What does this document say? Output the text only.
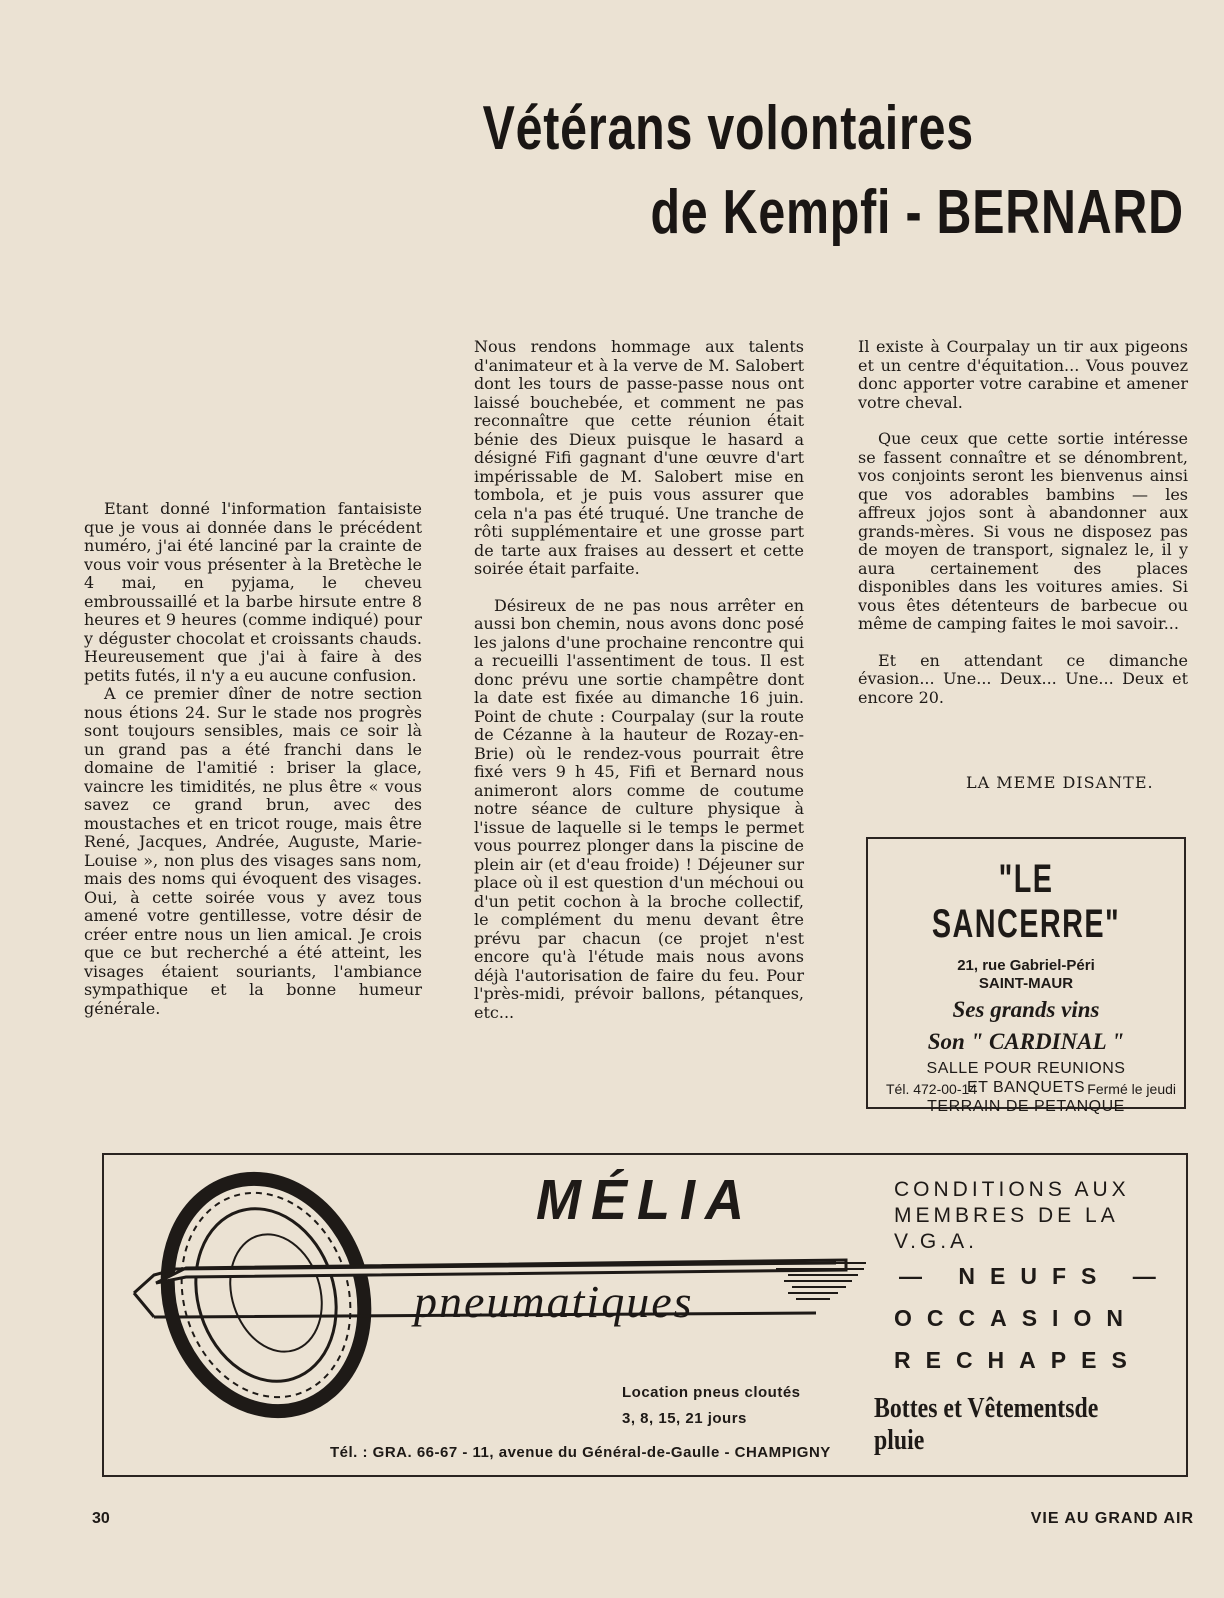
Vétérans volontaires
de Kempfi - BERNARD

Etant donné l'information fantaisiste que je vous ai donnée dans le précédent numéro, j'ai été lanciné par la crainte de vous voir vous présenter à la Bretèche le 4 mai, en pyjama, le cheveu embroussaillé et la barbe hirsute entre 8 heures et 9 heures (comme indiqué) pour y déguster chocolat et croissants chauds. Heureusement que j'ai à faire à des petits futés, il n'y a eu aucune confusion.

A ce premier dîner de notre section nous étions 24. Sur le stade nos progrès sont toujours sensibles, mais ce soir là un grand pas a été franchi dans le domaine de l'amitié : briser la glace, vaincre les timidités, ne plus être « vous savez ce grand brun, avec des moustaches et en tricot rouge, mais être René, Jacques, Andrée, Auguste, Marie-Louise », non plus des visages sans nom, mais des noms qui évoquent des visages. Oui, à cette soirée vous y avez tous amené votre gentillesse, votre désir de créer entre nous un lien amical. Je crois que ce but recherché a été atteint, les visages étaient souriants, l'ambiance sympathique et la bonne humeur générale.

Nous rendons hommage aux talents d'animateur et à la verve de M. Salobert dont les tours de passe-passe nous ont laissé bouchebée, et comment ne pas reconnaître que cette réunion était bénie des Dieux puisque le hasard a désigné Fifi gagnant d'une œuvre d'art impérissable de M. Salobert mise en tombola, et je puis vous assurer que cela n'a pas été truqué. Une tranche de rôti supplémentaire et une grosse part de tarte aux fraises au dessert et cette soirée était parfaite.

Désireux de ne pas nous arrêter en aussi bon chemin, nous avons donc posé les jalons d'une prochaine rencontre qui a recueilli l'assentiment de tous. Il est donc prévu une sortie champêtre dont la date est fixée au dimanche 16 juin. Point de chute : Courpalay (sur la route de Cézanne à la hauteur de Rozay-en-Brie) où le rendez-vous pourrait être fixé vers 9 h 45, Fifi et Bernard nous animeront alors comme de coutume notre séance de culture physique à l'issue de laquelle si le temps le permet vous pourrez plonger dans la piscine de plein air (et d'eau froide) ! Déjeuner sur place où il est question d'un méchoui ou d'un petit cochon à la broche collectif, le complément du menu devant être prévu par chacun (ce projet n'est encore qu'à l'étude mais nous avons déjà l'autorisation de faire du feu. Pour l'près-midi, prévoir ballons, pétanques, etc...

Il existe à Courpalay un tir aux pigeons et un centre d'équitation... Vous pouvez donc apporter votre carabine et amener votre cheval.

Que ceux que cette sortie intéresse se fassent connaître et se dénombrent, vos conjoints seront les bienvenus ainsi que vos adorables bambins — les affreux jojos sont à abandonner aux grands-mères. Si vous ne disposez pas de moyen de transport, signalez le, il y aura certainement des places disponibles dans les voitures amies. Si vous êtes détenteurs de barbecue ou même de camping faites le moi savoir...

Et en attendant ce dimanche évasion... Une... Deux... Une... Deux et encore 20.

LA MEME DISANTE.
"LE SANCERRE"
21, rue Gabriel-Péri
SAINT-MAUR
Ses grands vins
Son " CARDINAL "
SALLE POUR REUNIONS
ET BANQUETS
TERRAIN DE PETANQUE
Tél. 472-00-14	Fermé le jeudi
MÉLIA
pneumatiques
CONDITIONS AUX
MEMBRES DE LA V.G.A.
— NEUFS —
OCCASION
RECHAPES
Bottes et Vêtementsde pluie
Location pneus cloutés
3, 8, 15, 21 jours
Tél. : GRA. 66-67 - 11, avenue du Général-de-Gaulle - CHAMPIGNY
30	VIE AU GRAND AIR
